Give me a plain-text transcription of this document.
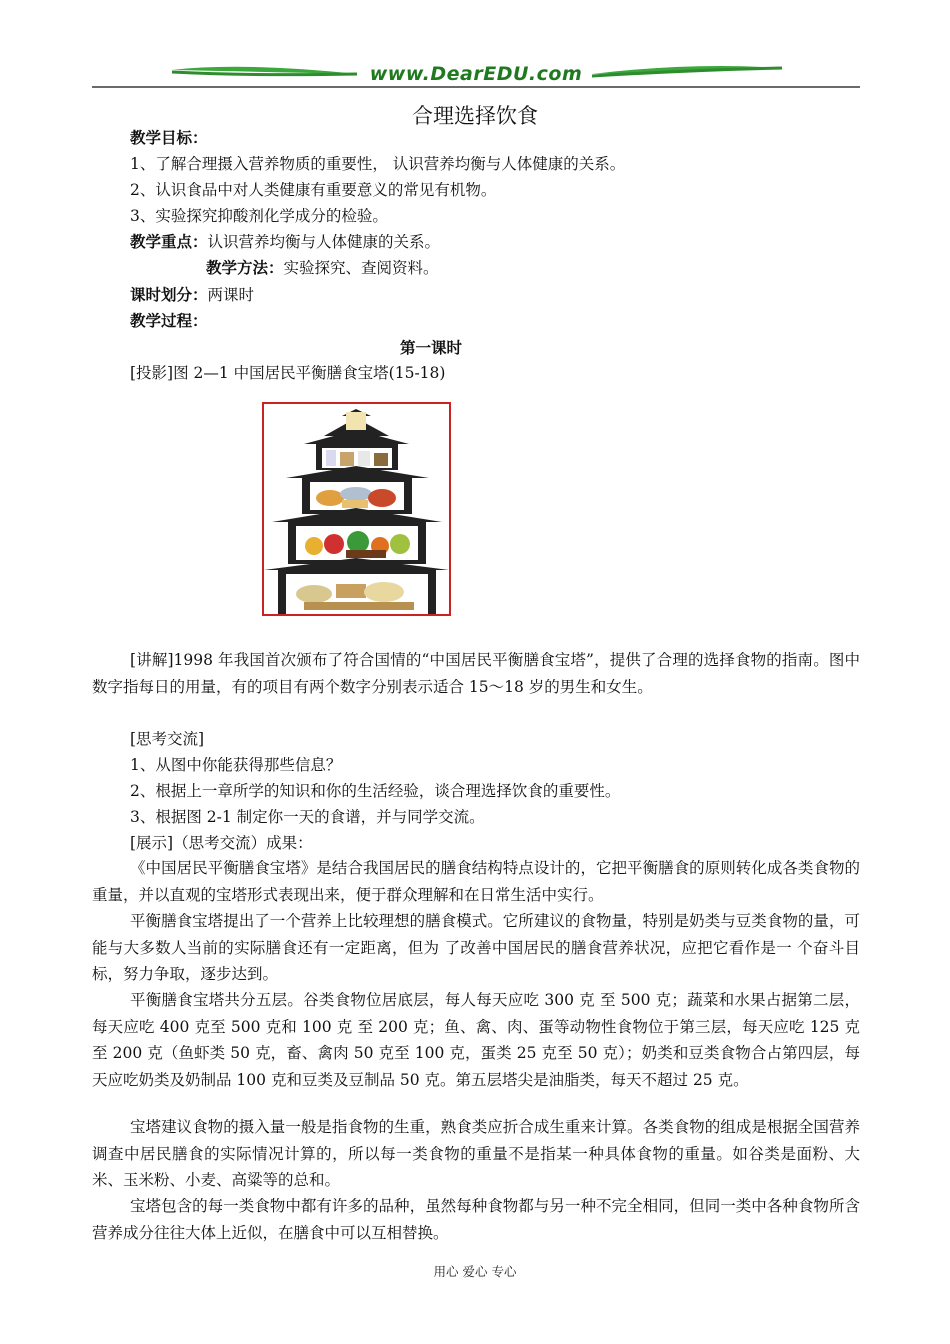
www.DearEDU.com
合理选择饮食
教学目标：
1、了解合理摄入营养物质的重要性， 认识营养均衡与人体健康的关系。
2、认识食品中对人类健康有重要意义的常见有机物。
3、实验探究抑酸剂化学成分的检验。
教学重点：认识营养均衡与人体健康的关系。
教学方法：实验探究、查阅资料。
课时划分：两课时
教学过程：
第一课时
[投影]图 2—1 中国居民平衡膳食宝塔(15-18)
[讲解]1998 年我国首次颁布了符合国情的“中国居民平衡膳食宝塔”，提供了合理的选择食物的指南。图中数字指每日的用量，有的项目有两个数字分别表示适合 15～18 岁的男生和女生。
[思考交流]
1、从图中你能获得那些信息？
2、根据上一章所学的知识和你的生活经验，谈合理选择饮食的重要性。
3、根据图 2-1 制定你一天的食谱，并与同学交流。
[展示]（思考交流）成果：
《中国居民平衡膳食宝塔》是结合我国居民的膳食结构特点设计的，它把平衡膳食的原则转化成各类食物的重量，并以直观的宝塔形式表现出来，便于群众理解和在日常生活中实行。
平衡膳食宝塔提出了一个营养上比较理想的膳食模式。它所建议的食物量，特别是奶类与豆类食物的量，可能与大多数人当前的实际膳食还有一定距离，但为 了改善中国居民的膳食营养状况，应把它看作是一 个奋斗目标，努力争取，逐步达到。
平衡膳食宝塔共分五层。谷类食物位居底层，每人每天应吃 300 克 至 500 克；蔬菜和水果占据第二层，每天应吃 400 克至 500 克和 100 克 至 200 克；鱼、禽、肉、蛋等动物性食物位于第三层，每天应吃 125 克至 200 克（鱼虾类 50 克，畜、禽肉 50 克至 100 克，蛋类 25 克至 50 克）；奶类和豆类食物合占第四层，每天应吃奶类及奶制品 100 克和豆类及豆制品 50 克。第五层塔尖是油脂类，每天不超过 25 克。
宝塔建议食物的摄入量一般是指食物的生重，熟食类应折合成生重来计算。各类食物的组成是根据全国营养调查中居民膳食的实际情况计算的，所以每一类食物的重量不是指某一种具体食物的重量。如谷类是面粉、大米、玉米粉、小麦、高粱等的总和。
宝塔包含的每一类食物中都有许多的品种，虽然每种食物都与另一种不完全相同，但同一类中各种食物所含营养成分往往大体上近似，在膳食中可以互相替换。
用心 爱心 专心
